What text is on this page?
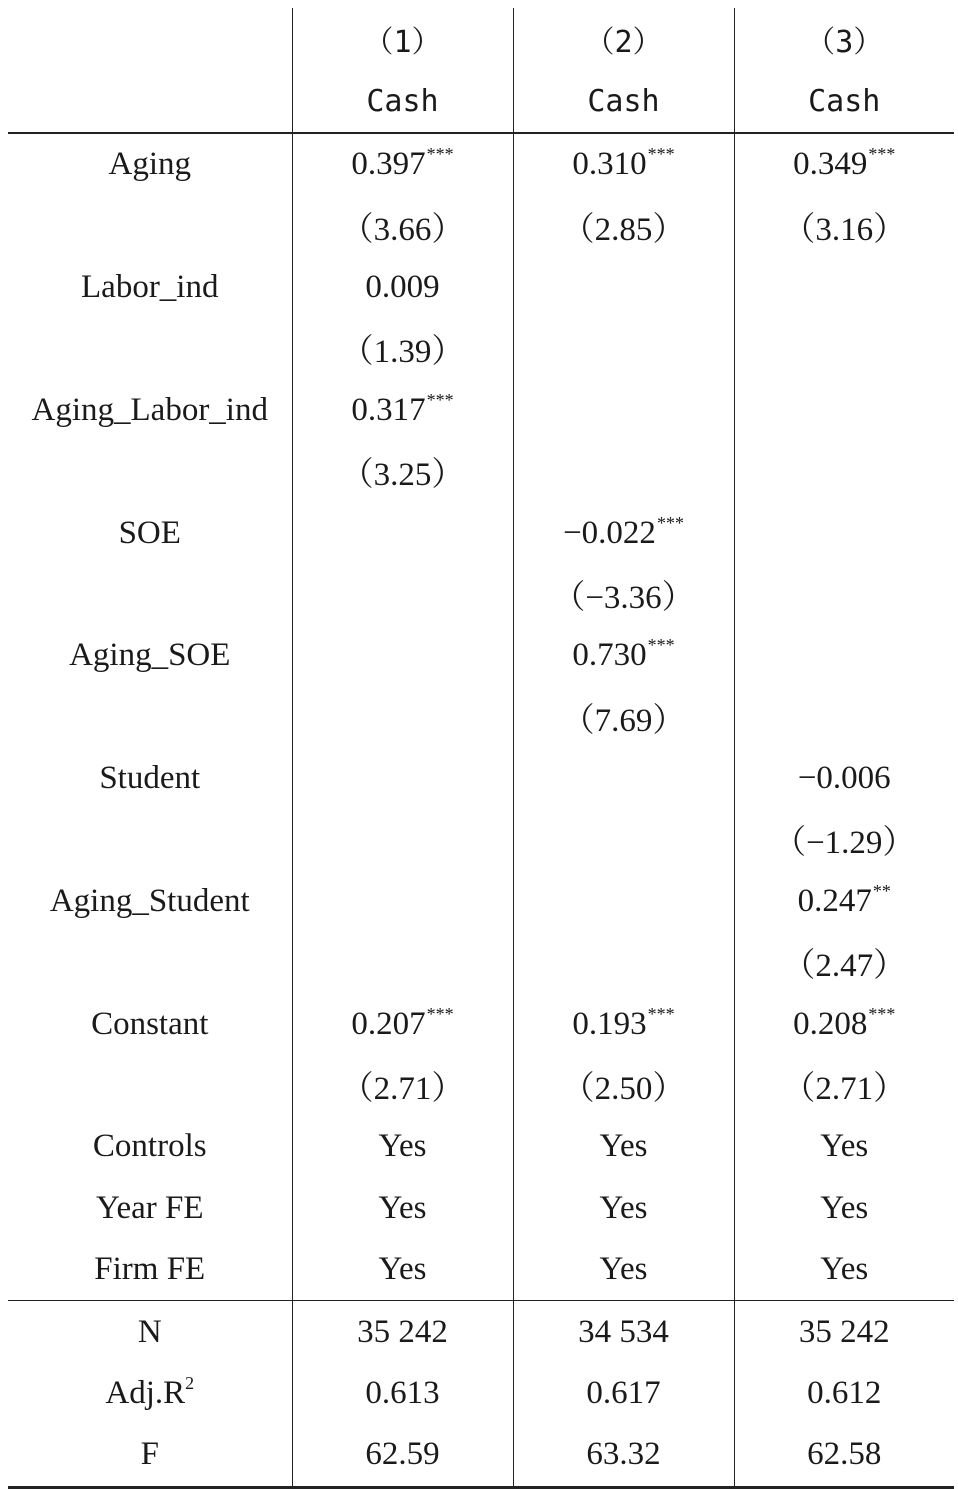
	（1）	（2）	（3）
	Cash	Cash	Cash
Aging	0.397***	0.310***	0.349***
	（3.66）	（2.85）	（3.16）
Labor_ind	0.009		
	（1.39）		
Aging_Labor_ind	0.317***		
	（3.25）		
SOE		−0.022***	
		（−3.36）	
Aging_SOE		0.730***	
		（7.69）	
Student			−0.006
			（−1.29）
Aging_Student			0.247**
			（2.47）
Constant	0.207***	0.193***	0.208***
	（2.71）	（2.50）	（2.71）
Controls	Yes	Yes	Yes
Year FE	Yes	Yes	Yes
Firm FE	Yes	Yes	Yes
N	35 242	34 534	35 242
$Adj.R^2$	0.613	0.617	0.612
F	62.59	63.32	62.58
